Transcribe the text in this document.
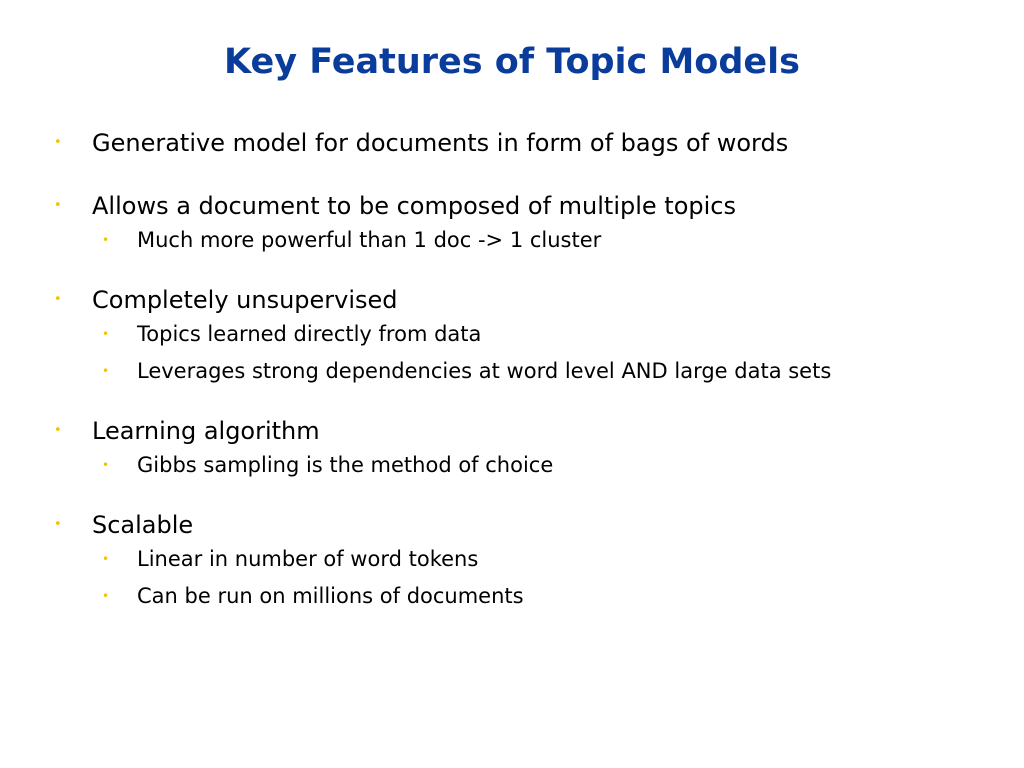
Key Features of Topic Models
• Generative model for documents in form of bags of words
• Allows a document to be composed of multiple topics
• Much more powerful than 1 doc -> 1 cluster
• Completely unsupervised
• Topics learned directly from data
• Leverages strong dependencies at word level AND large data sets
• Learning algorithm
• Gibbs sampling is the method of choice
• Scalable
• Linear in number of word tokens
• Can be run on millions of documents
